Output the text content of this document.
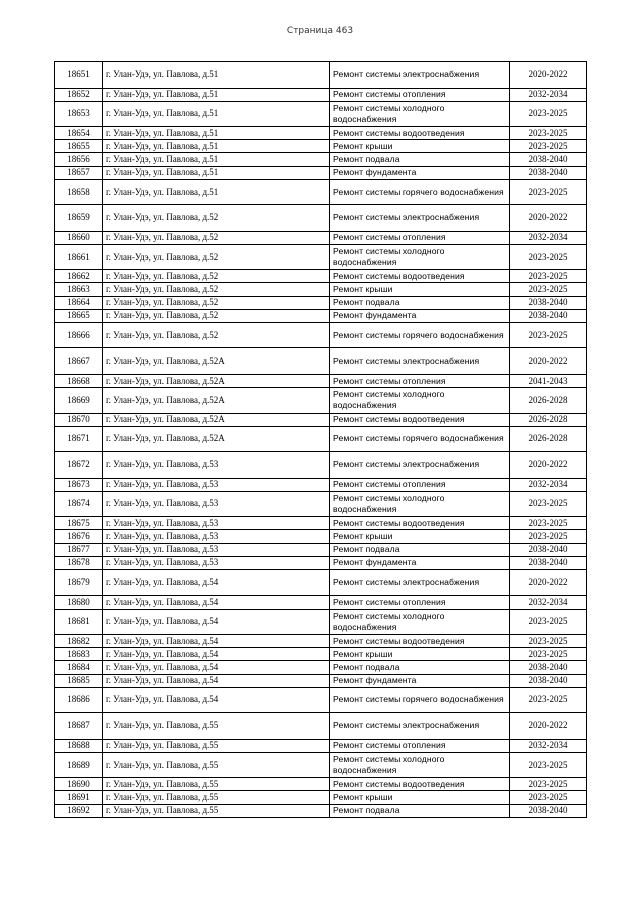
Страница 463
18651	г. Улан-Удэ, ул. Павлова, д.51	Ремонт системы электроснабжения	2020-2022
18652	г. Улан-Удэ, ул. Павлова, д.51	Ремонт системы отопления	2032-2034
18653	г. Улан-Удэ, ул. Павлова, д.51	Ремонт системы холодного водоснабжения	2023-2025
18654	г. Улан-Удэ, ул. Павлова, д.51	Ремонт системы водоотведения	2023-2025
18655	г. Улан-Удэ, ул. Павлова, д.51	Ремонт крыши	2023-2025
18656	г. Улан-Удэ, ул. Павлова, д.51	Ремонт подвала	2038-2040
18657	г. Улан-Удэ, ул. Павлова, д.51	Ремонт фундамента	2038-2040
18658	г. Улан-Удэ, ул. Павлова, д.51	Ремонт системы горячего водоснабжения	2023-2025
18659	г. Улан-Удэ, ул. Павлова, д.52	Ремонт системы электроснабжения	2020-2022
18660	г. Улан-Удэ, ул. Павлова, д.52	Ремонт системы отопления	2032-2034
18661	г. Улан-Удэ, ул. Павлова, д.52	Ремонт системы холодного водоснабжения	2023-2025
18662	г. Улан-Удэ, ул. Павлова, д.52	Ремонт системы водоотведения	2023-2025
18663	г. Улан-Удэ, ул. Павлова, д.52	Ремонт крыши	2023-2025
18664	г. Улан-Удэ, ул. Павлова, д.52	Ремонт подвала	2038-2040
18665	г. Улан-Удэ, ул. Павлова, д.52	Ремонт фундамента	2038-2040
18666	г. Улан-Удэ, ул. Павлова, д.52	Ремонт системы горячего водоснабжения	2023-2025
18667	г. Улан-Удэ, ул. Павлова, д.52А	Ремонт системы электроснабжения	2020-2022
18668	г. Улан-Удэ, ул. Павлова, д.52А	Ремонт системы отопления	2041-2043
18669	г. Улан-Удэ, ул. Павлова, д.52А	Ремонт системы холодного водоснабжения	2026-2028
18670	г. Улан-Удэ, ул. Павлова, д.52А	Ремонт системы водоотведения	2026-2028
18671	г. Улан-Удэ, ул. Павлова, д.52А	Ремонт системы горячего водоснабжения	2026-2028
18672	г. Улан-Удэ, ул. Павлова, д.53	Ремонт системы электроснабжения	2020-2022
18673	г. Улан-Удэ, ул. Павлова, д.53	Ремонт системы отопления	2032-2034
18674	г. Улан-Удэ, ул. Павлова, д.53	Ремонт системы холодного водоснабжения	2023-2025
18675	г. Улан-Удэ, ул. Павлова, д.53	Ремонт системы водоотведения	2023-2025
18676	г. Улан-Удэ, ул. Павлова, д.53	Ремонт крыши	2023-2025
18677	г. Улан-Удэ, ул. Павлова, д.53	Ремонт подвала	2038-2040
18678	г. Улан-Удэ, ул. Павлова, д.53	Ремонт фундамента	2038-2040
18679	г. Улан-Удэ, ул. Павлова, д.54	Ремонт системы электроснабжения	2020-2022
18680	г. Улан-Удэ, ул. Павлова, д.54	Ремонт системы отопления	2032-2034
18681	г. Улан-Удэ, ул. Павлова, д.54	Ремонт системы холодного водоснабжения	2023-2025
18682	г. Улан-Удэ, ул. Павлова, д.54	Ремонт системы водоотведения	2023-2025
18683	г. Улан-Удэ, ул. Павлова, д.54	Ремонт крыши	2023-2025
18684	г. Улан-Удэ, ул. Павлова, д.54	Ремонт подвала	2038-2040
18685	г. Улан-Удэ, ул. Павлова, д.54	Ремонт фундамента	2038-2040
18686	г. Улан-Удэ, ул. Павлова, д.54	Ремонт системы горячего водоснабжения	2023-2025
18687	г. Улан-Удэ, ул. Павлова, д.55	Ремонт системы электроснабжения	2020-2022
18688	г. Улан-Удэ, ул. Павлова, д.55	Ремонт системы отопления	2032-2034
18689	г. Улан-Удэ, ул. Павлова, д.55	Ремонт системы холодного водоснабжения	2023-2025
18690	г. Улан-Удэ, ул. Павлова, д.55	Ремонт системы водоотведения	2023-2025
18691	г. Улан-Удэ, ул. Павлова, д.55	Ремонт крыши	2023-2025
18692	г. Улан-Удэ, ул. Павлова, д.55	Ремонт подвала	2038-2040
